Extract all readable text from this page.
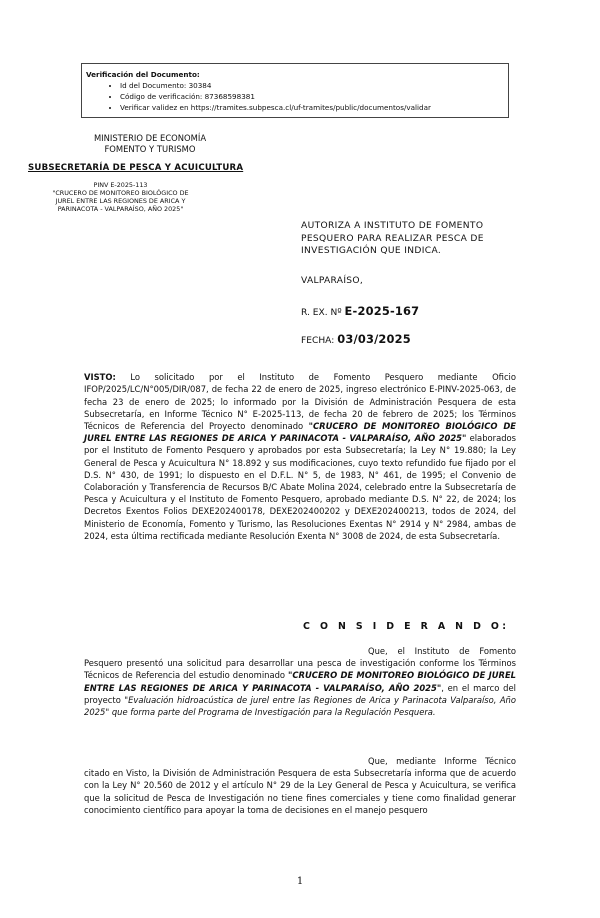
Verificación del Documento:
• Id del Documento: 30384
• Código de verificación: 87368598381
• Verificar validez en https://tramites.subpesca.cl/uf-tramites/public/documentos/validar
MINISTERIO DE ECONOMÍA
FOMENTO Y TURISMO
SUBSECRETARÍA DE PESCA Y ACUICULTURA
PINV E-2025-113
"CRUCERO DE MONITOREO BIOLÓGICO DE
JUREL ENTRE LAS REGIONES DE ARICA Y
PARINACOTA - VALPARAÍSO, AÑO 2025"
AUTORIZA A INSTITUTO DE FOMENTO PESQUERO PARA REALIZAR PESCA DE INVESTIGACIÓN QUE INDICA.
VALPARAÍSO,
R. EX. Nº E-2025-167
FECHA: 03/03/2025
VISTO: Lo solicitado por el Instituto de Fomento Pesquero mediante Oficio IFOP/2025/LC/N°005/DIR/087, de fecha 22 de enero de 2025, ingreso electrónico E-PINV-2025-063, de fecha 23 de enero de 2025; lo informado por la División de Administración Pesquera de esta Subsecretaría, en Informe Técnico N° E-2025-113, de fecha 20 de febrero de 2025; los Términos Técnicos de Referencia del Proyecto denominado "CRUCERO DE MONITOREO BIOLÓGICO DE JUREL ENTRE LAS REGIONES DE ARICA Y PARINACOTA - VALPARAÍSO, AÑO 2025" elaborados por el Instituto de Fomento Pesquero y aprobados por esta Subsecretaría; la Ley N° 19.880; la Ley General de Pesca y Acuicultura N° 18.892 y sus modificaciones, cuyo texto refundido fue fijado por el D.S. N° 430, de 1991; lo dispuesto en el D.F.L. N° 5, de 1983, N° 461, de 1995; el Convenio de Colaboración y Transferencia de Recursos B/C Abate Molina 2024, celebrado entre la Subsecretaría de Pesca y Acuicultura y el Instituto de Fomento Pesquero, aprobado mediante D.S. N° 22, de 2024; los Decretos Exentos Folios DEXE202400178, DEXE202400202 y DEXE202400213, todos de 2024, del Ministerio de Economía, Fomento y Turismo, las Resoluciones Exentas N° 2914 y N° 2984, ambas de 2024, esta última rectificada mediante Resolución Exenta N° 3008 de 2024, de esta Subsecretaría.
C O N S I D E R A N D O:
Que, el Instituto de Fomento Pesquero presentó una solicitud para desarrollar una pesca de investigación conforme los Términos Técnicos de Referencia del estudio denominado "CRUCERO DE MONITOREO BIOLÓGICO DE JUREL ENTRE LAS REGIONES DE ARICA Y PARINACOTA - VALPARAÍSO, AÑO 2025", en el marco del proyecto "Evaluación hidroacústica de jurel entre las Regiones de Arica y Parinacota Valparaíso, Año 2025" que forma parte del Programa de Investigación para la Regulación Pesquera.
Que, mediante Informe Técnico citado en Visto, la División de Administración Pesquera de esta Subsecretaría informa que de acuerdo con la Ley N° 20.560 de 2012 y el artículo N° 29 de la Ley General de Pesca y Acuicultura, se verifica que la solicitud de Pesca de Investigación no tiene fines comerciales y tiene como finalidad generar conocimiento científico para apoyar la toma de decisiones en el manejo pesquero
1
